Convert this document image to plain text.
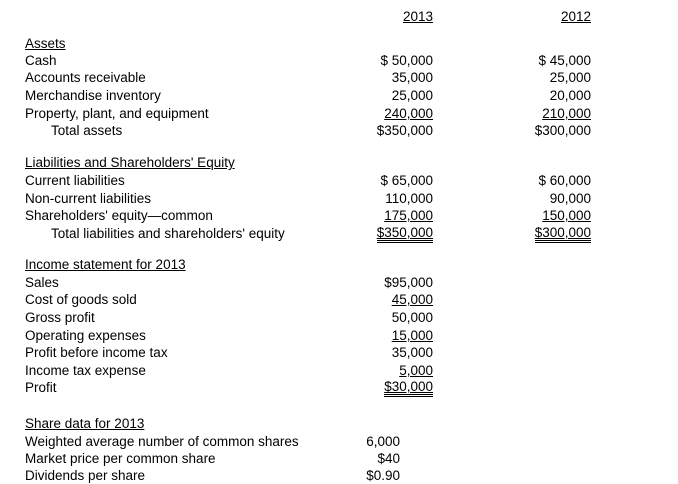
2013	2012
Assets
Cash	$ 50,000	$ 45,000
Accounts receivable	35,000	25,000
Merchandise inventory	25,000	20,000
Property, plant, and equipment	240,000	210,000
Total assets	$350,000	$300,000
Liabilities and Shareholders' Equity
Current liabilities	$ 65,000	$ 60,000
Non-current liabilities	110,000	90,000
Shareholders' equity—common	175,000	150,000
Total liabilities and shareholders' equity	$350,000	$300,000
Income statement for 2013
Sales	$95,000
Cost of goods sold	45,000
Gross profit	50,000
Operating expenses	15,000
Profit before income tax	35,000
Income tax expense	5,000
Profit	$30,000
Share data for 2013
Weighted average number of common shares	6,000
Market price per common share	$40
Dividends per share	$0.90
